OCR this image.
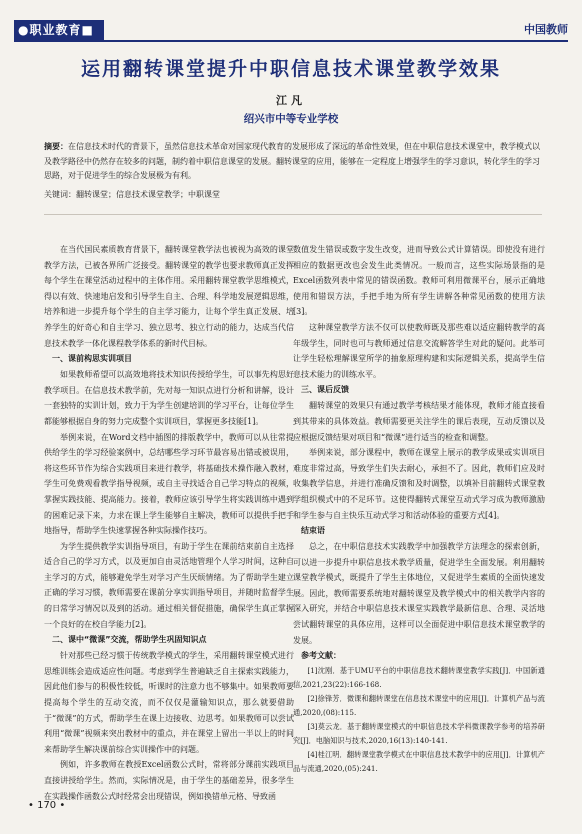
●职业教育■	中国教师
运用翻转课堂提升中职信息技术课堂教学效果
江凡
绍兴市中等专业学校
摘要：在信息技术时代的背景下，虽然信息技术革命对国家现代教育的发展形成了深远的革命性效果，但在中职信息技术课堂中，教学模式以及教学路径中仍然存在较多的问题，制约着中职信息课堂的发展。翻转课堂的应用，能够在一定程度上增强学生的学习意识，转化学生的学习思路，对于促进学生的综合发展极为有利。
关键词：翻转课堂；信息技术课堂教学；中职课堂

在当代国民素质教育背景下，翻转课堂教学法也被视为高效的课堂教学方法，已被各界所广泛接受。翻转课堂的教学也要求教师真正发挥每个学生在课堂活动过程中的主体作用。采用翻转课堂教学思维模式，得以有效、快速地启发和引导学生自主、合理、科学地发展逻辑思维，培养和进一步提升每个学生的自主学习能力，让每个学生真正发展、培养学生的好奇心和自主学习、独立思考、独立行动的能力，达成当代信息技术教学一体化课程教学体系的新时代目标。

一、课前构思实训项目

如果教师希望可以高效地将技术知识传授给学生，可以事先构思好教学项目。在信息技术教学前，先对每一知识点进行分析和讲解，设计一套独特的实训计划，致力于为学生创建培训的学习平台，让每位学生都能够根据自身的努力完成整个实训项目，掌握更多技能[1]。

举例来说，在Word文档中插图的排版教学中，教师可以从往常提供给学生的学习经验案例中，总结哪些学习环节最容易出错或被误用，将这些环节作为综合实践项目来进行教学，将基础技术操作融入教材，学生可免费观看教学指导视频，或自主寻找适合自己学习特点的视频，掌握实践技能、提高能力。接着，教师应该引导学生将实践训练中遇到的困难记录下来，力求在课上学生能够自主解决，教师可以提供手把手地指导，帮助学生快速掌握各种实际操作技巧。

为学生提供教学实训指导项目，有助于学生在课前结束前自主选择适合自己的学习方式，以及更加自由灵活地管理个人学习时间，这种自主学习的方式，能够避免学生对学习产生厌烦情绪。为了帮助学生建立正确的学习习惯，教师需要在课前分享实训指导项目，并随时监督学生的日常学习情况以及到的活动。通过相关督促措施，确保学生真正掌握一个良好的在校自学能力[2]。

二、课中“微课”交流，帮助学生巩固知识点

针对那些已经习惯于传统教学模式的学生，采用翻转课堂模式进行思维训练会造成适应性问题。考虑到学生普遍缺乏自主探索实践能力，因此他们参与的积极性较低，听课时的注意力也不够集中。如果教师要提高每个学生的互动交流，而不仅仅是灌输知识点，那么就要借助于“微课”的方式，帮助学生在课上边接收、边思考。如果教师可以尝试利用“微课”视频来突出教材中的重点，并在课堂上留出一半以上的时间来帮助学生解决课前综合实训操作中的问题。

例如，许多教师在教授Excel函数公式时，常将部分课前实践项目直接讲授给学生。然而，实际情况是，由于学生的基础差异，很多学生在实践操作函数公式时经常会出现错误，例如换错单元格、导致函

数值发生错误或数字发生改变，进而导致公式计算错误。即使没有进行相应的数据更改也会发生此类情况。一般而言，这些实际场景指的是Excel函数列表中常见的错误函数。教师可利用微课平台，展示正确地使用和错误方法，手把手地为所有学生讲解各种常见函数的使用方法[3]。

这种课堂教学方法不仅可以使教师既及那些难以适应翻转教学的高年级学生，同时也可与教师通过信息交流解答学生对此的疑问。此举可让学生轻松理解课堂所学的抽象原理构建和实际逻辑关系，提高学生信息技术能力的训练水平。

三、课后反馈

翻转课堂的效果只有通过教学考核结果才能体现，教师才能直接看到其带来的具体效益。教师需要更关注学生的课后表现，互动反馈以及应根据反馈结果对项目和“微课”进行适当的检查和调整。

举例来说，部分课程中，教师在课堂上展示的教学成果或实训项目难度非常过高，导致学生们失去耐心，承担不了。因此，教师们应及时收集教学信息，并进行准确反馈和及时调整，以填补目前翻转式课堂教学组织模式中的不足环节。这使得翻转式课堂互动式学习成为教师激励和学生参与自主快乐互动式学习和活动体验的重要方式[4]。

结束语

总之，在中职信息技术实践教学中加强教学方法理念的探索创新，可以进一步提升中职信息技术教学质量，促进学生全面发展。利用翻转课堂教学模式，既提升了学生主体地位，又促进学生素质的全面快速发展。因此，教师需要系统地对翻转课堂及教学模式中的相关教学内容的深入研究，并结合中职信息技术课堂实践教学最新信息、合理、灵活地尝试翻转课堂的具体应用，这样可以全面促进中职信息技术课堂教学的发展。

参考文献：

[1]沈刚．基于UMU平台的中职信息技术翻转课堂教学实践[J]．中国新通信,2021,23(22):166-168.

[2]徐锋芳．微课和翻转课堂在信息技术课堂中的应用[J]．计算机产品与流通,2020,(08):115.

[3]莫云龙．基于翻转课堂模式的中职信息技术学科微课教学参考的培养研究[J]．电脑知识与技术,2020,16(13):140-141.

[4]桂江明．翻转课堂教学模式在中职信息技术教学中的应用[J]．计算机产品与流通,2020,(05):241.

• 170 •
